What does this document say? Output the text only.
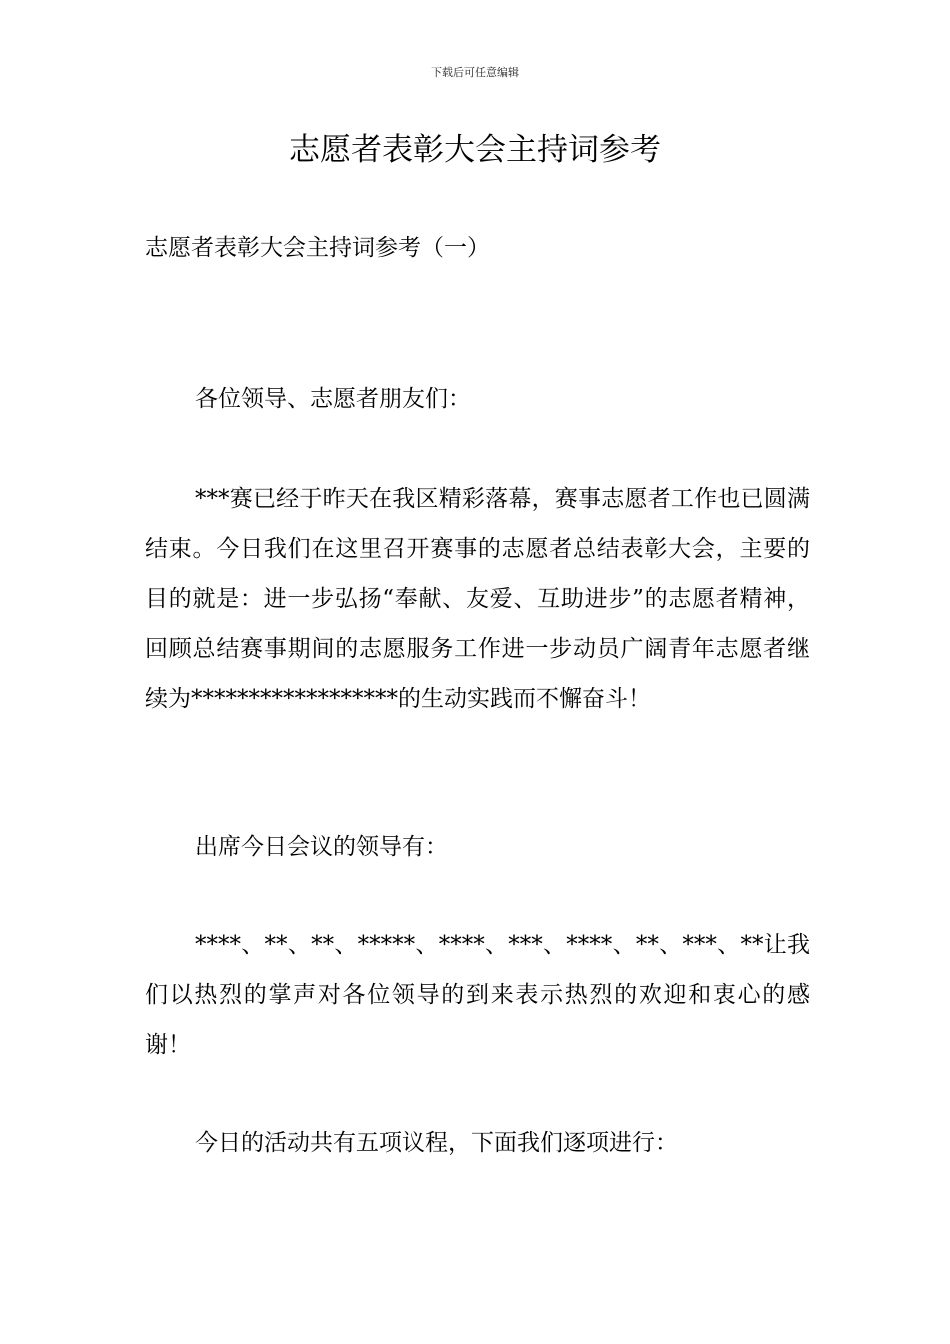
下载后可任意编辑
志愿者表彰大会主持词参考
志愿者表彰大会主持词参考（一）

各位领导、志愿者朋友们：

***赛已经于昨天在我区精彩落幕，赛事志愿者工作也已圆满结束。今日我们在这里召开赛事的志愿者总结表彰大会，主要的目的就是：进一步弘扬“奉献、友爱、互助进步”的志愿者精神，回顾总结赛事期间的志愿服务工作进一步动员广阔青年志愿者继续为******************的生动实践而不懈奋斗！

出席今日会议的领导有：

****、**、**、*****、****、***、****、**、***、**让我们以热烈的掌声对各位领导的到来表示热烈的欢迎和衷心的感谢！

今日的活动共有五项议程，下面我们逐项进行：
